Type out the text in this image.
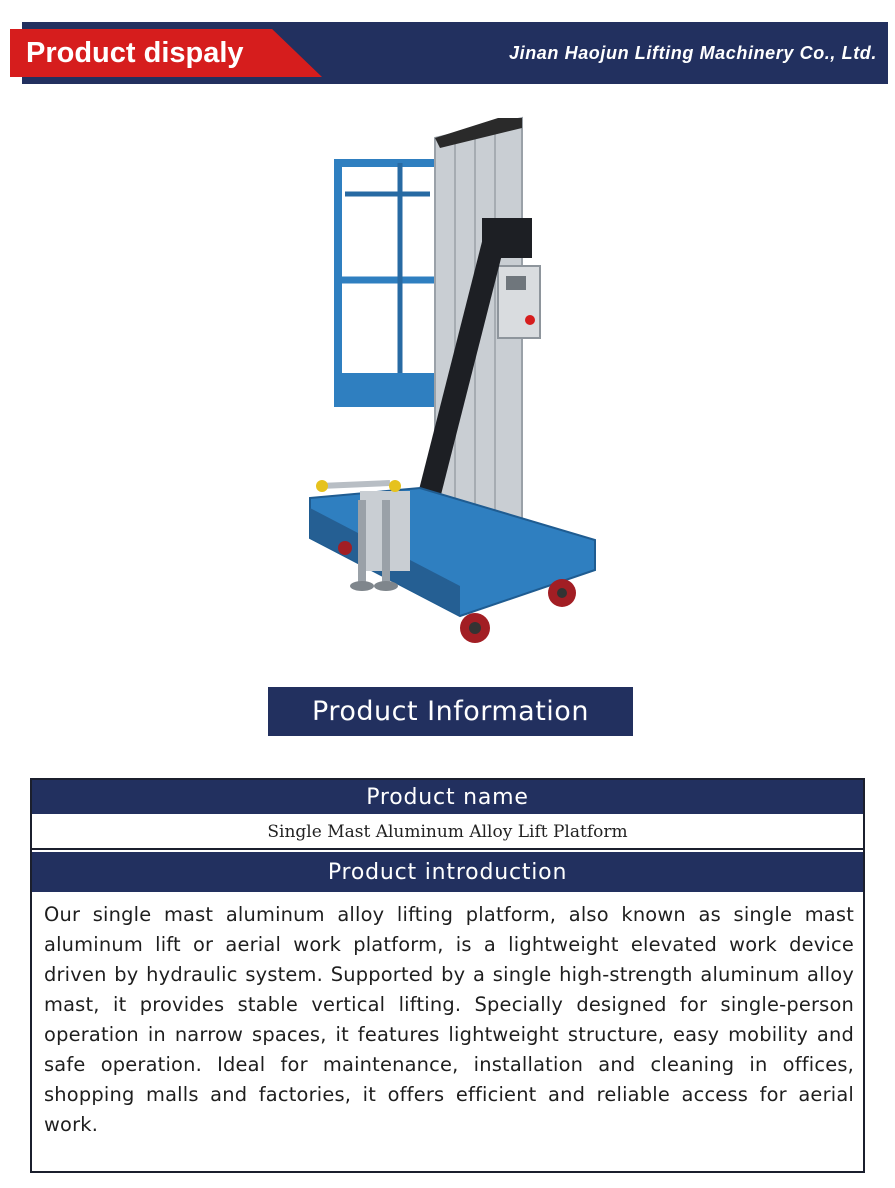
Product dispaly	Jinan Haojun Lifting Machinery Co., Ltd.
Product Information
Product name
Single Mast Aluminum Alloy Lift Platform
Product introduction
Our single mast aluminum alloy lifting platform, also known as single mast aluminum lift or aerial work platform, is a lightweight elevated work device driven by hydraulic system. Supported by a single high-strength aluminum alloy mast, it provides stable vertical lifting. Specially designed for single-person operation in narrow spaces, it features lightweight structure, easy mobility and safe operation. Ideal for maintenance, installation and cleaning in offices, shopping malls and factories, it offers efficient and reliable access for aerial work.
